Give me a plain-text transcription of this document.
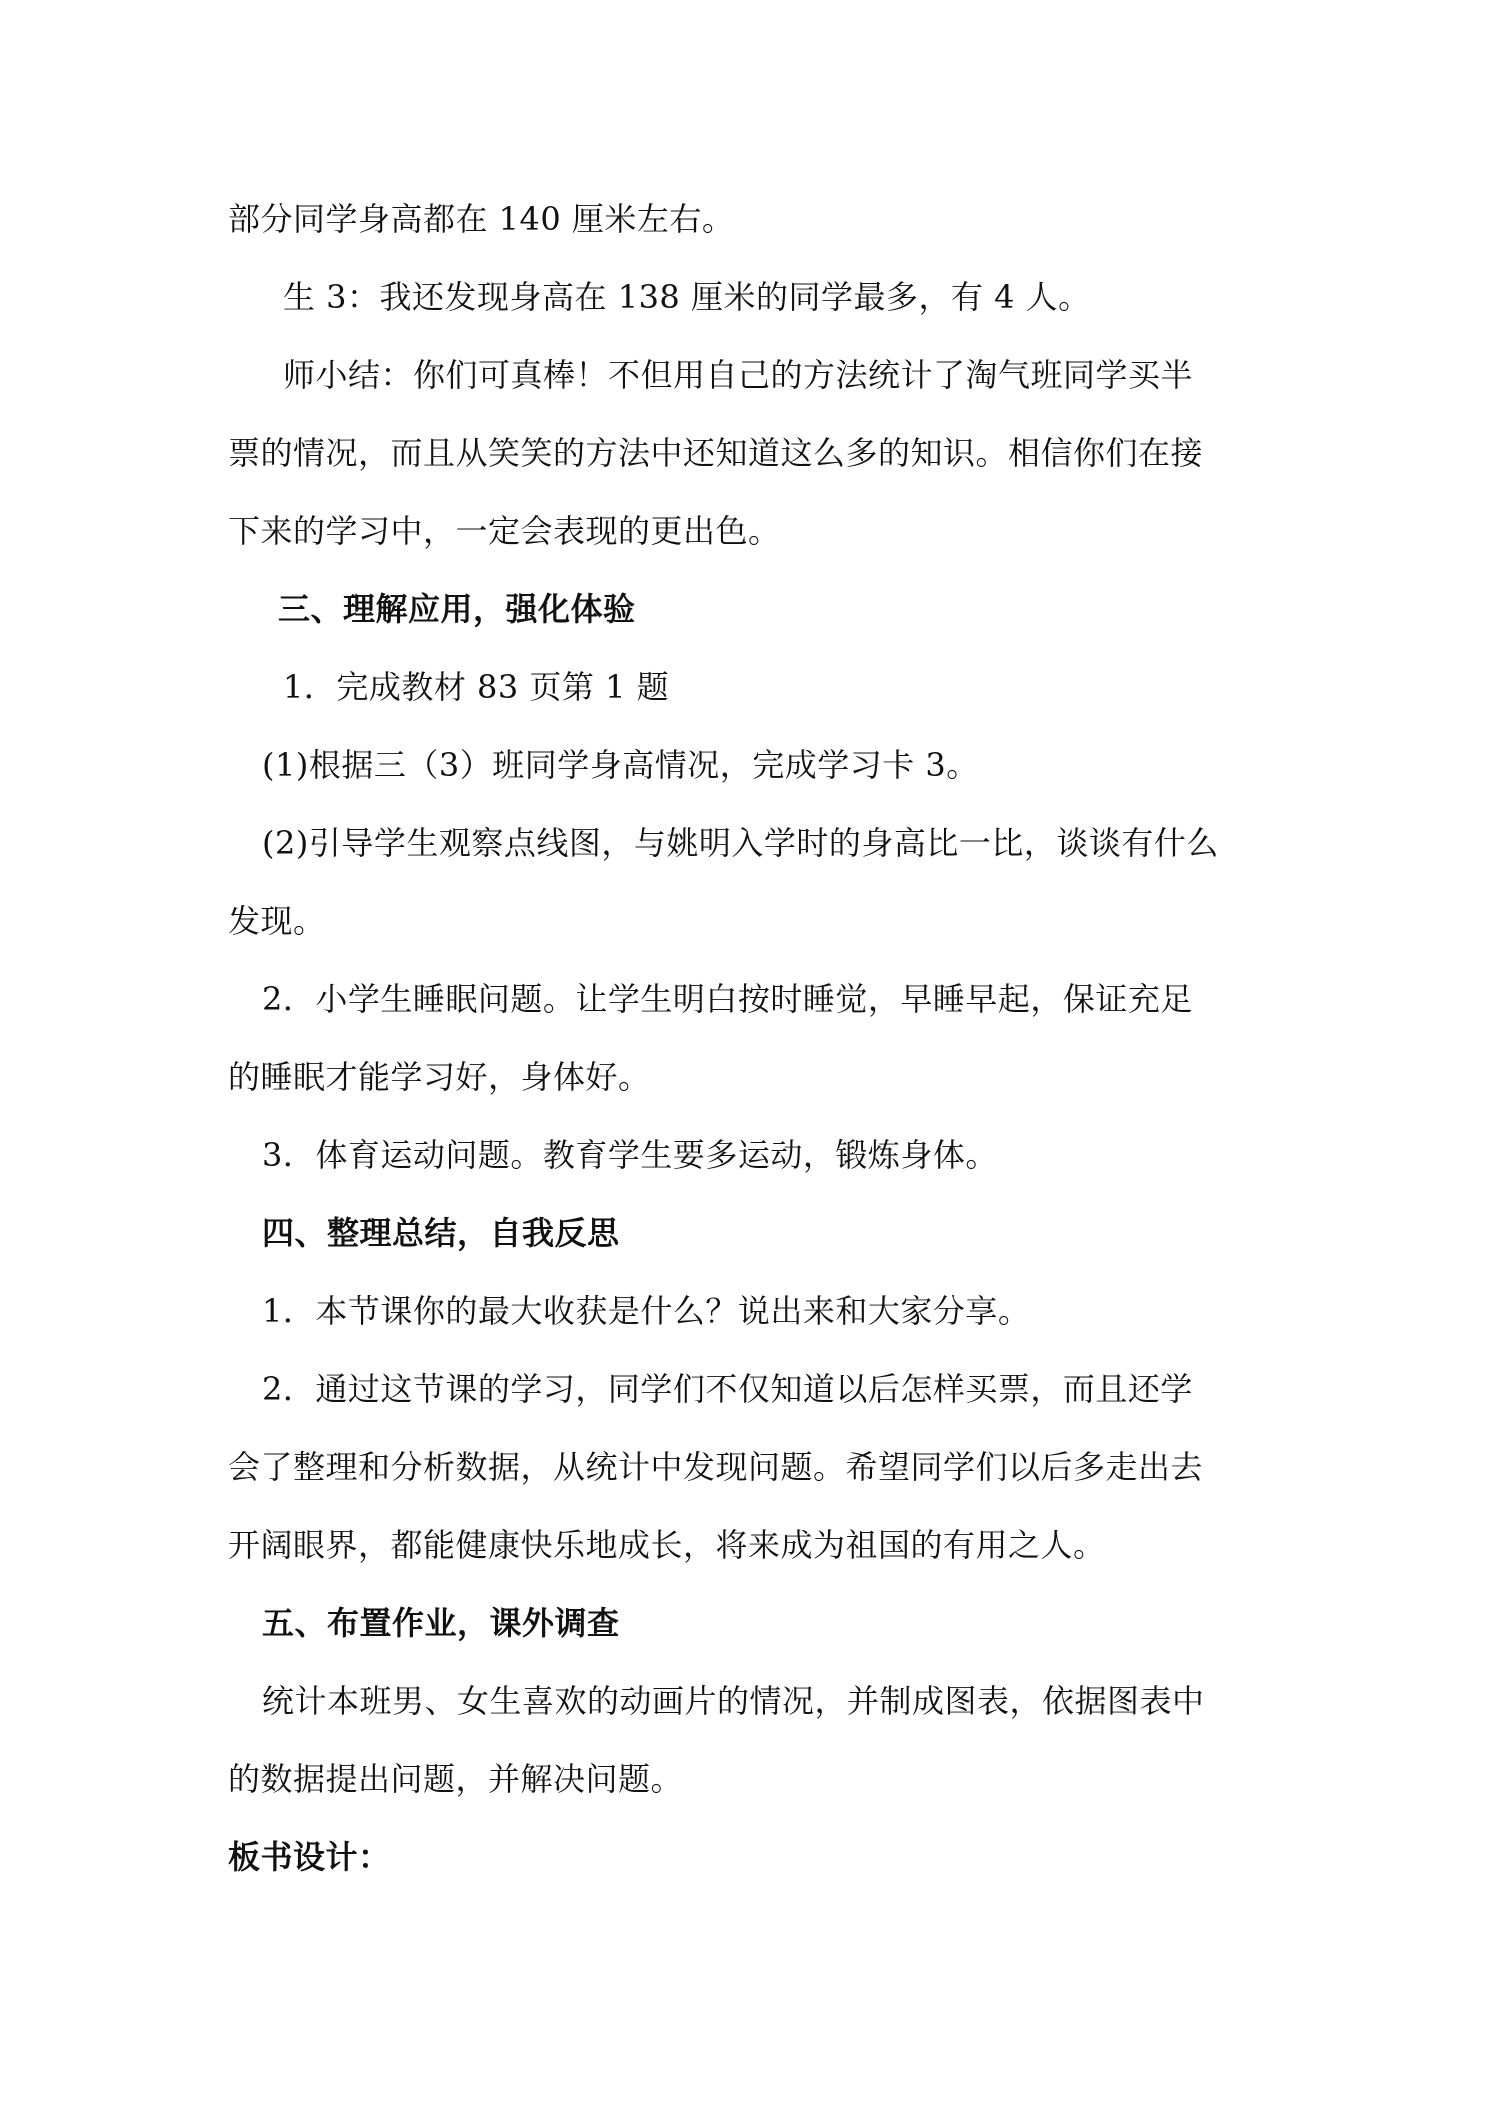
部分同学身高都在 140 厘米左右。
生 3：我还发现身高在 138 厘米的同学最多，有 4 人。
师小结：你们可真棒！不但用自己的方法统计了淘气班同学买半
票的情况，而且从笑笑的方法中还知道这么多的知识。相信你们在接
下来的学习中，一定会表现的更出色。
三、理解应用，强化体验
1．完成教材 83 页第 1 题
(1)根据三（3）班同学身高情况，完成学习卡 3。
(2)引导学生观察点线图，与姚明入学时的身高比一比，谈谈有什么
发现。
2．小学生睡眠问题。让学生明白按时睡觉，早睡早起，保证充足
的睡眠才能学习好，身体好。
3．体育运动问题。教育学生要多运动，锻炼身体。
四、整理总结，自我反思
1．本节课你的最大收获是什么？说出来和大家分享。
2．通过这节课的学习，同学们不仅知道以后怎样买票，而且还学
会了整理和分析数据，从统计中发现问题。希望同学们以后多走出去
开阔眼界，都能健康快乐地成长，将来成为祖国的有用之人。
五、布置作业，课外调查
统计本班男、女生喜欢的动画片的情况，并制成图表，依据图表中
的数据提出问题，并解决问题。
板书设计：
